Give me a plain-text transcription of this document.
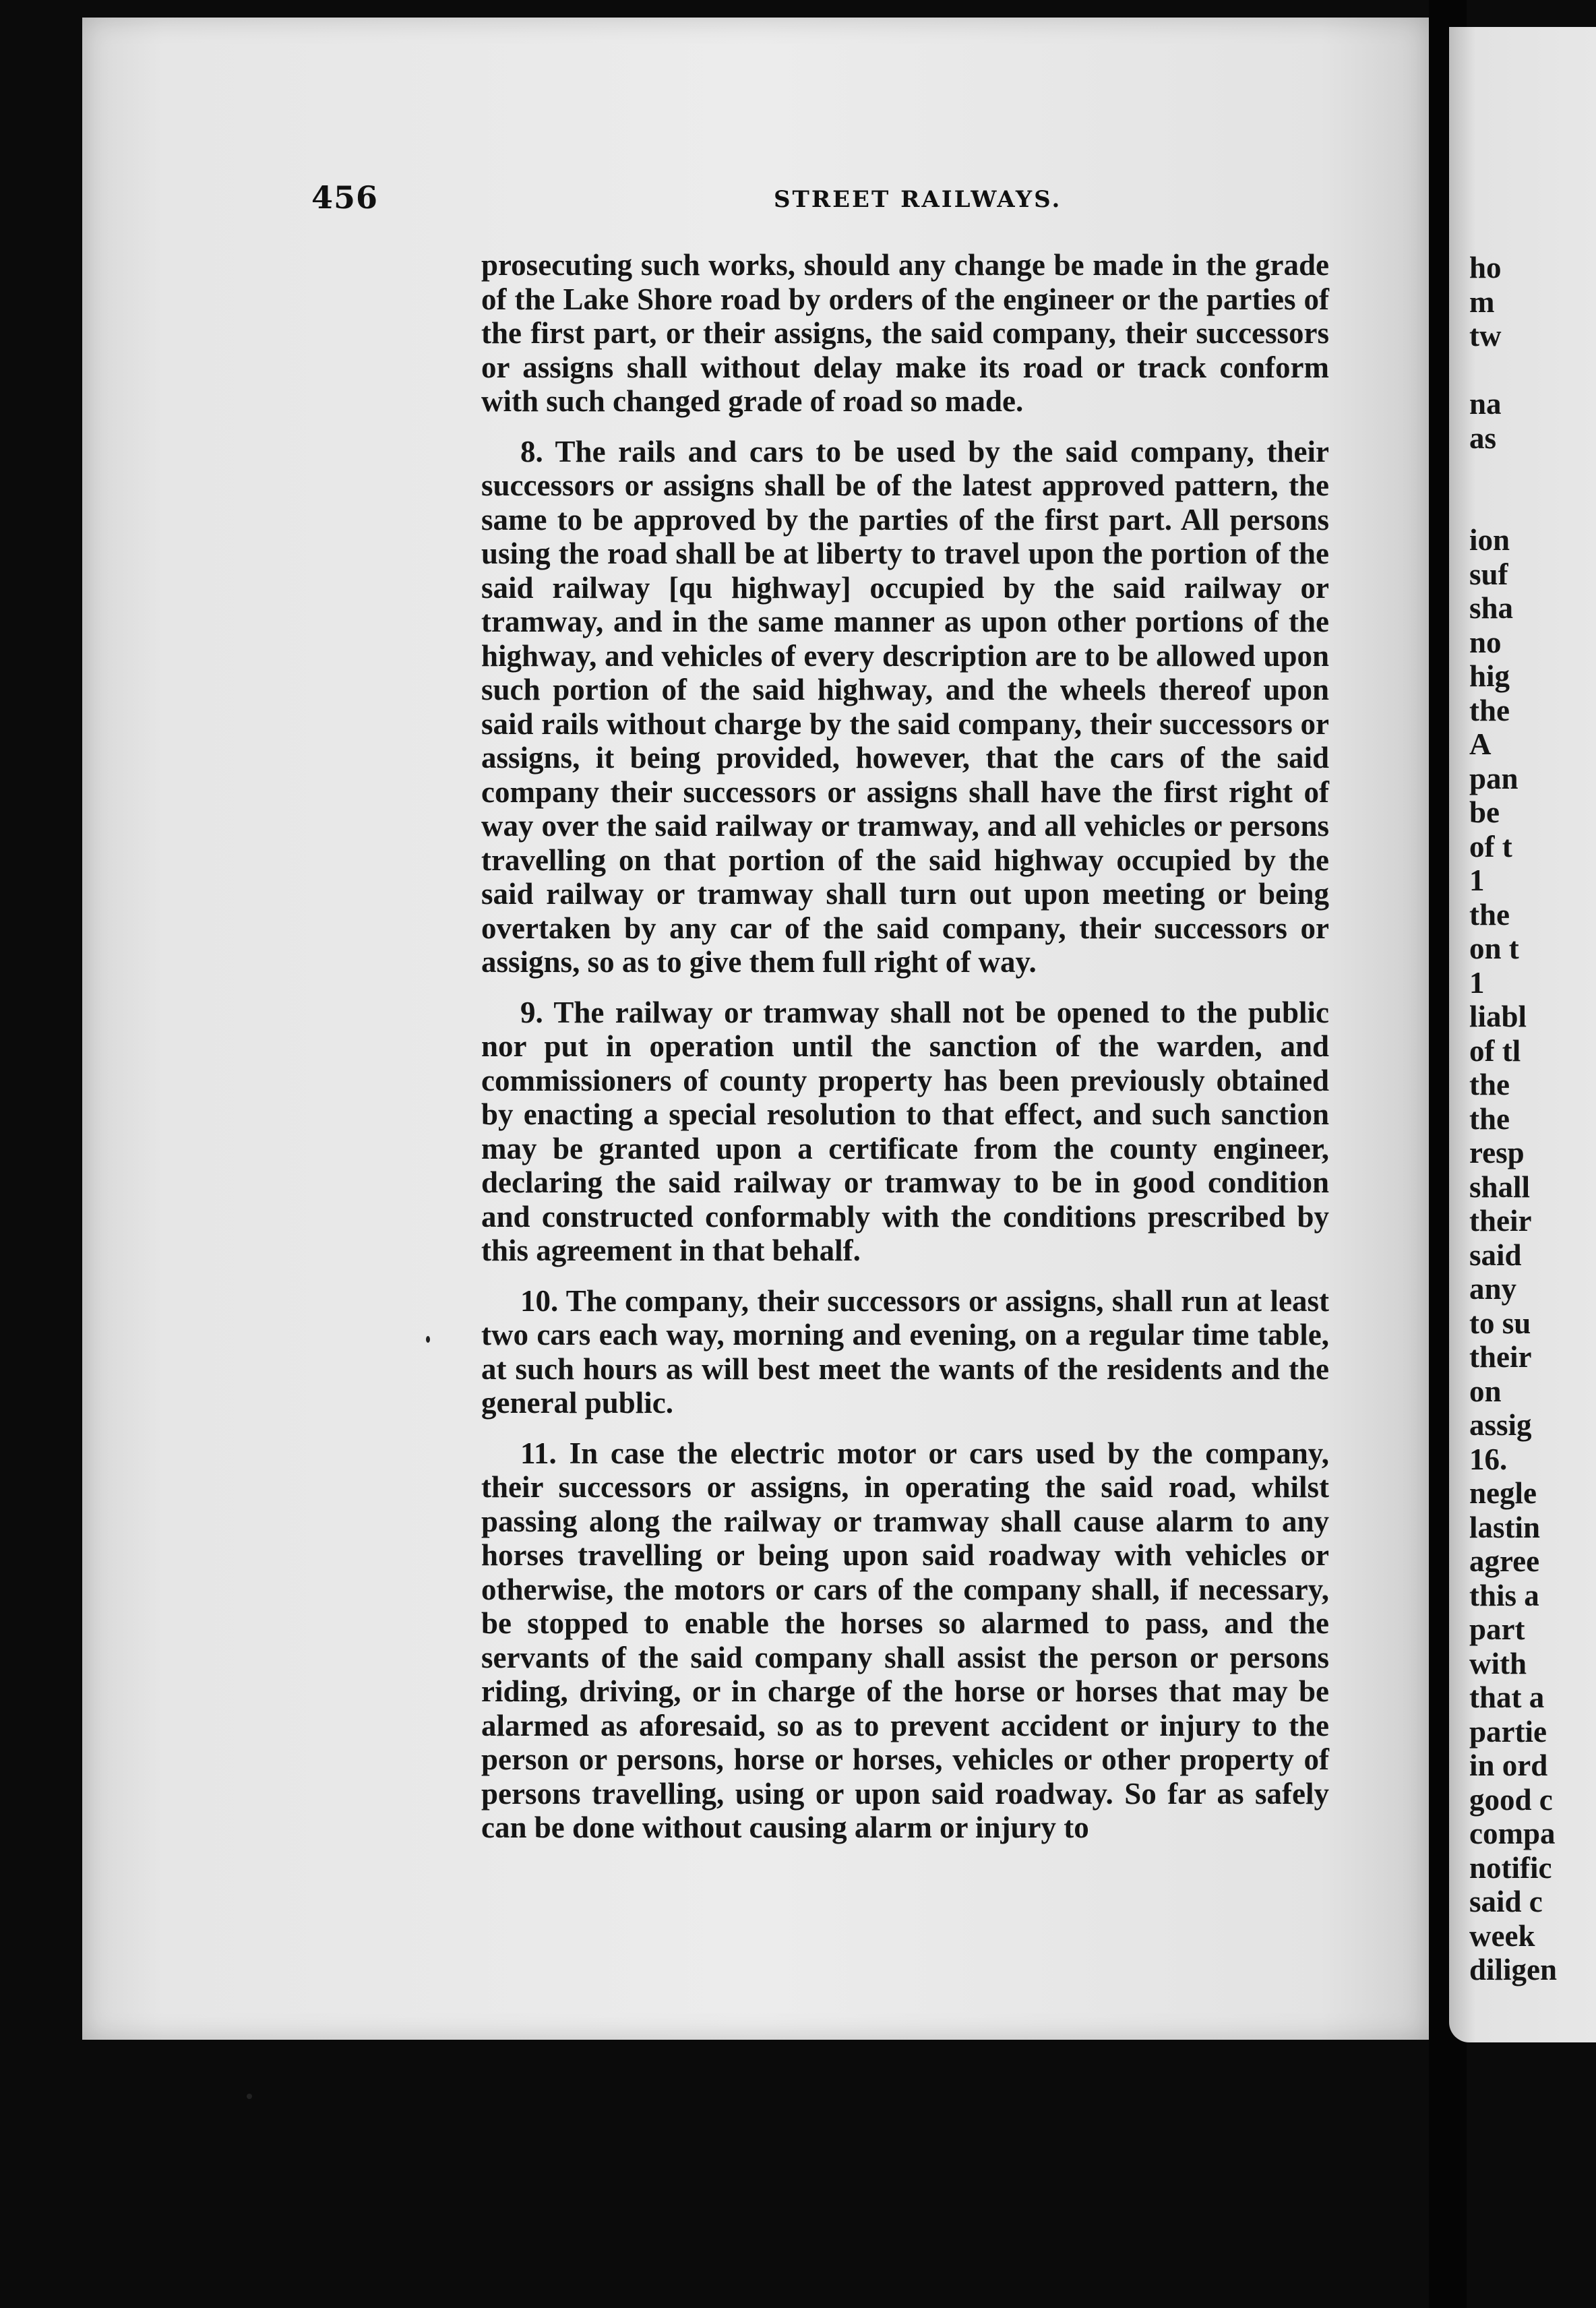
456	STREET RAILWAYS.

prosecuting such works, should any change be made in the grade of the Lake Shore road by orders of the engineer or the parties of the first part, or their assigns, the said company, their successors or assigns shall without delay make its road or track conform with such changed grade of road so made.

8. The rails and cars to be used by the said company, their successors or assigns shall be of the latest approved pattern, the same to be approved by the parties of the first part. All persons using the road shall be at liberty to travel upon the portion of the said railway [qu highway] occupied by the said railway or tramway, and in the same manner as upon other portions of the highway, and vehicles of every description are to be allowed upon such portion of the said highway, and the wheels thereof upon said rails without charge by the said company, their successors or assigns, it being provided, however, that the cars of the said company their successors or assigns shall have the first right of way over the said railway or tramway, and all vehicles or persons travelling on that portion of the said highway occupied by the said railway or tramway shall turn out upon meeting or being overtaken by any car of the said company, their successors or assigns, so as to give them full right of way.

9. The railway or tramway shall not be opened to the public nor put in operation until the sanction of the warden, and commissioners of county property has been previously obtained by enacting a special resolution to that effect, and such sanction may be granted upon a certificate from the county engineer, declaring the said railway or tramway to be in good condition and constructed conformably with the conditions prescribed by this agreement in that behalf.

10. The company, their successors or assigns, shall run at least two cars each way, morning and evening, on a regular time table, at such hours as will best meet the wants of the residents and the general public.

11. In case the electric motor or cars used by the company, their successors or assigns, in operating the said road, whilst passing along the railway or tramway shall cause alarm to any horses travelling or being upon said roadway with vehicles or otherwise, the motors or cars of the company shall, if necessary, be stopped to enable the horses so alarmed to pass, and the servants of the said company shall assist the person or persons riding, driving, or in charge of the horse or horses that may be alarmed as aforesaid, so as to prevent accident or injury to the person or persons, horse or horses, vehicles or other property of persons travelling, using or upon said roadway. So far as safely can be done without causing alarm or injury to

ho
m
tw
na
as
ion
suf
sha
no
hig
the
A
pan
be
of t
1
the
on t
1
liabl
of tl
the
the
resp
shall
their
said
any
to su
their
on
assig
16.
negle
lastin
agree
this a
part
with
that a
partie
in ord
good c
compa
notific
said c
week
diligen
